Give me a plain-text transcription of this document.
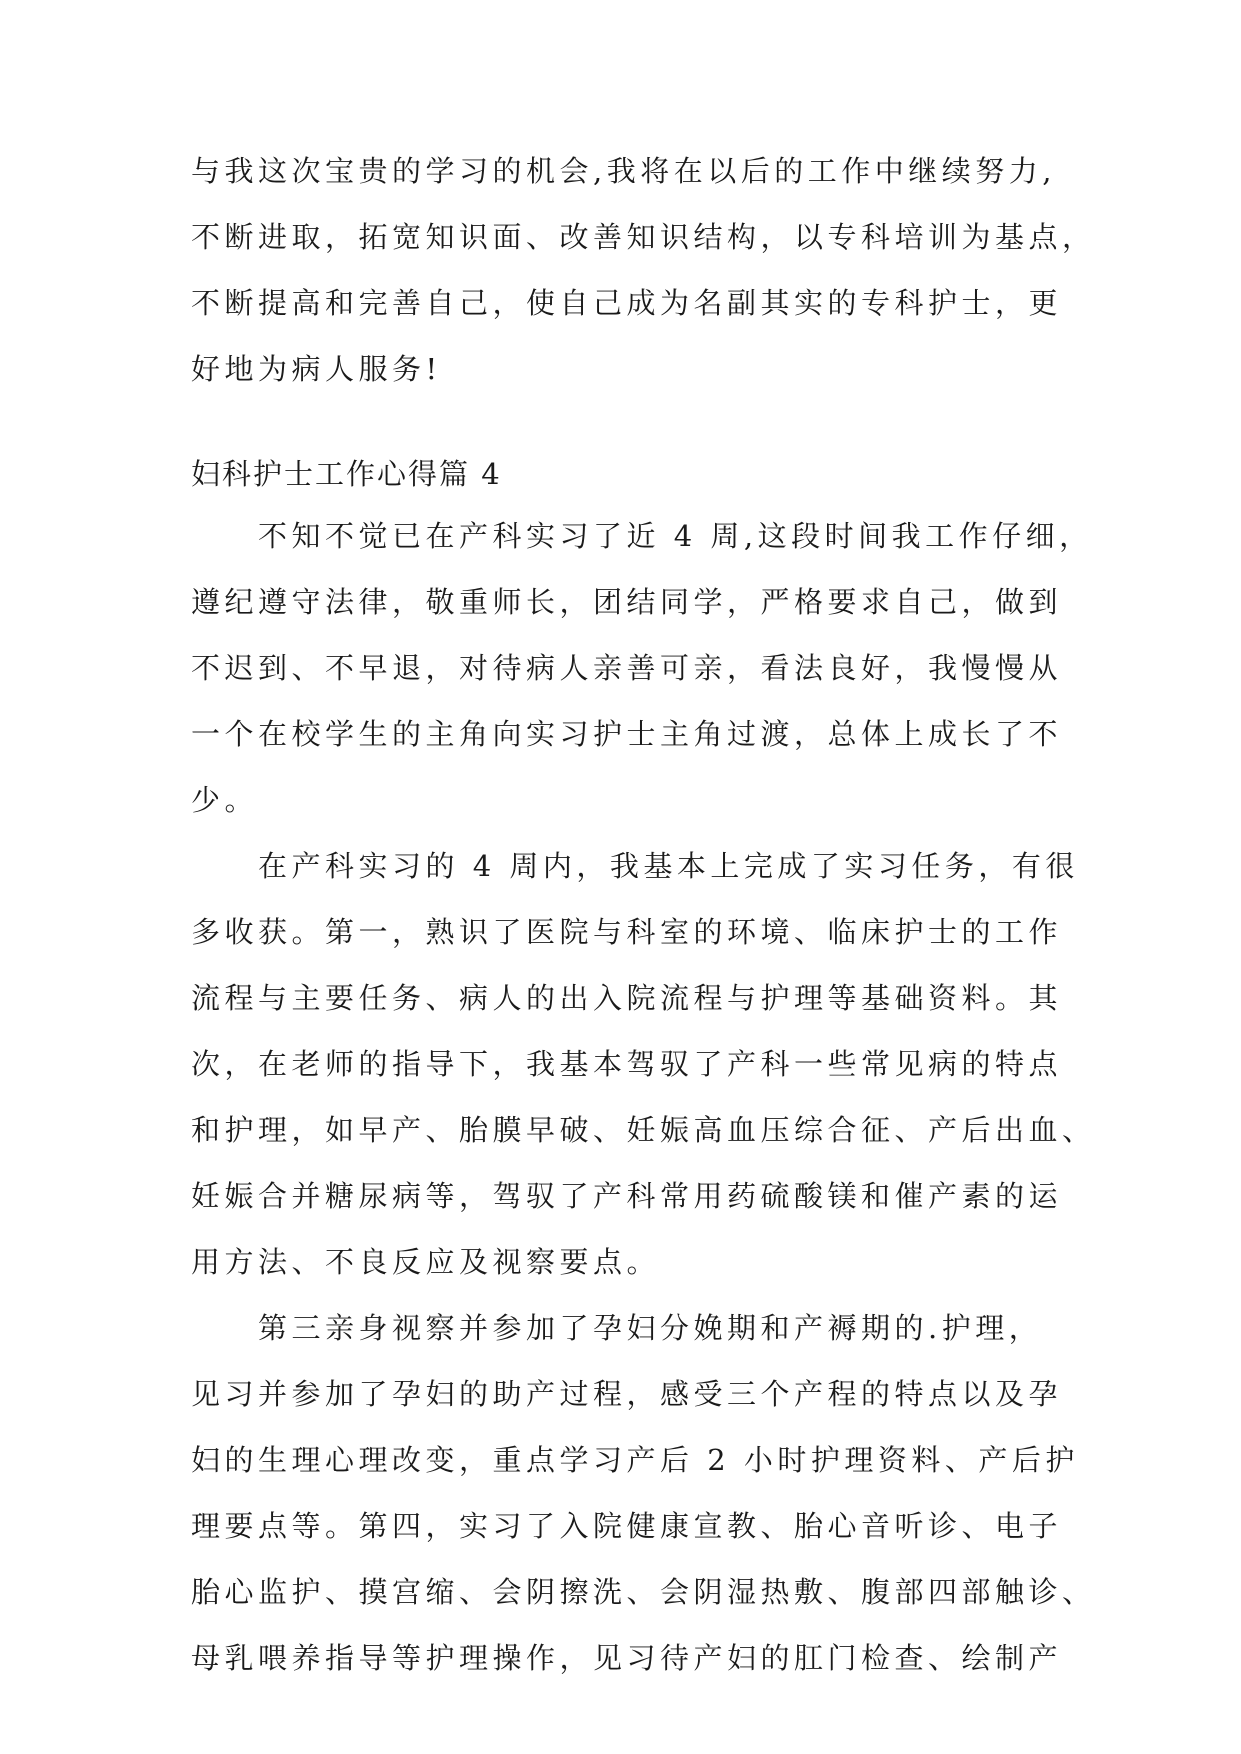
与我这次宝贵的学习的机会,我将在以后的工作中继续努力,

不断进取，拓宽知识面、改善知识结构，以专科培训为基点，

不断提高和完善自己，使自己成为名副其实的专科护士，更

好地为病人服务!

妇科护士工作心得篇 4

不知不觉已在产科实习了近 4 周,这段时间我工作仔细，

遵纪遵守法律，敬重师长，团结同学，严格要求自己，做到

不迟到、不早退，对待病人亲善可亲，看法良好，我慢慢从

一个在校学生的主角向实习护士主角过渡，总体上成长了不

少。

在产科实习的 4 周内，我基本上完成了实习任务，有很

多收获。第一，熟识了医院与科室的环境、临床护士的工作

流程与主要任务、病人的出入院流程与护理等基础资料。其

次，在老师的指导下，我基本驾驭了产科一些常见病的特点

和护理，如早产、胎膜早破、妊娠高血压综合征、产后出血、

妊娠合并糖尿病等，驾驭了产科常用药硫酸镁和催产素的运

用方法、不良反应及视察要点。

第三亲身视察并参加了孕妇分娩期和产褥期的.护理，

见习并参加了孕妇的助产过程，感受三个产程的特点以及孕

妇的生理心理改变，重点学习产后 2 小时护理资料、产后护

理要点等。第四，实习了入院健康宣教、胎心音听诊、电子

胎心监护、摸宫缩、会阴擦洗、会阴湿热敷、腹部四部触诊、

母乳喂养指导等护理操作，见习待产妇的肛门检查、绘制产
